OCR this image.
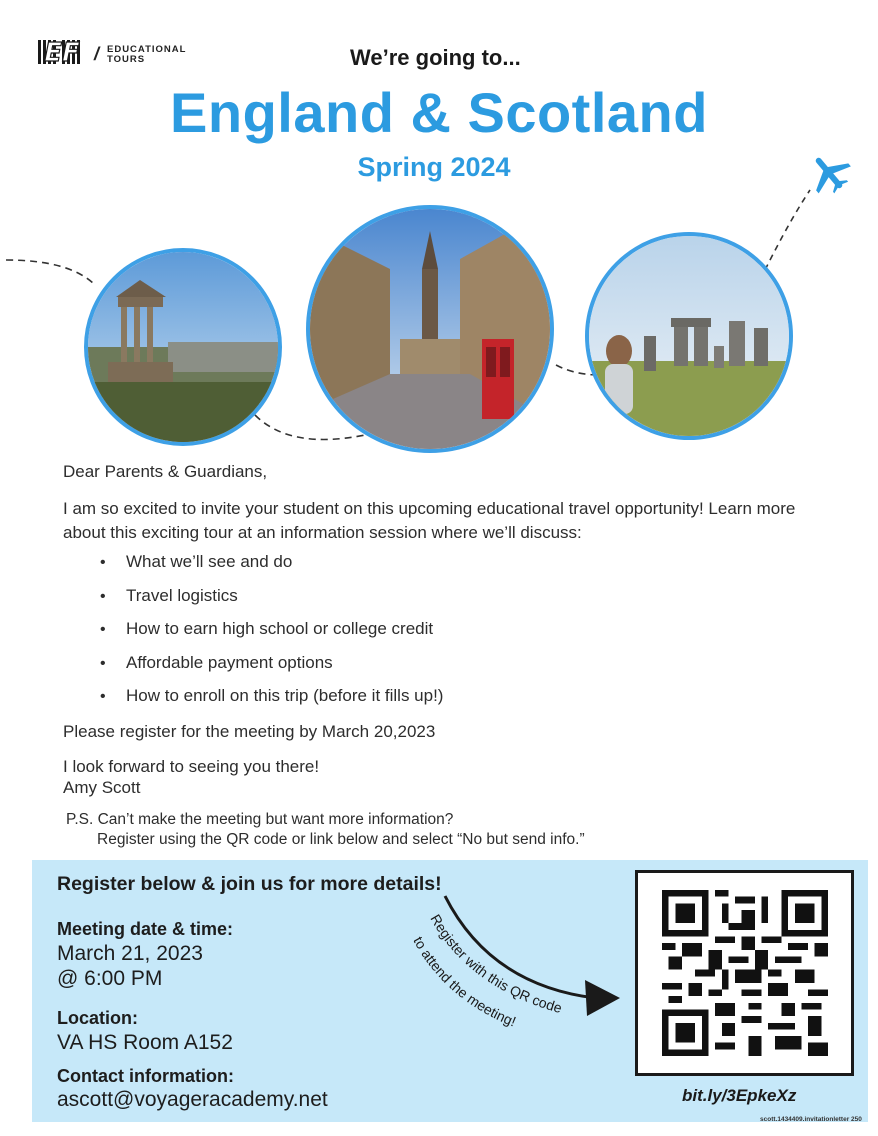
EF / EDUCATIONAL
TOURS	We’re going to...
England & Scotland
Spring 2024
Dear Parents & Guardians,
I am so excited to invite your student on this upcoming educational travel opportunity! Learn more about this exciting tour at an information session where we’ll discuss:
• What we’ll see and do
• Travel logistics
• How to earn high school or college credit
• Affordable payment options
• How to enroll on this trip (before it fills up!)
Please register for the meeting by March 20,2023
I look forward to seeing you there!
Amy Scott
P.S. Can’t make the meeting but want more information?
Register using the QR code or link below and select “No but send info.”
Register below & join us for more details!
Meeting date & time:
March 21, 2023
@ 6:00 PM
Location:
VA HS Room A152
Contact information:
ascott@voyageracademy.net
Register with this QR code
to attend the meeting!
bit.ly/3EpkeXz
scott.1434409.invitationletter 250
